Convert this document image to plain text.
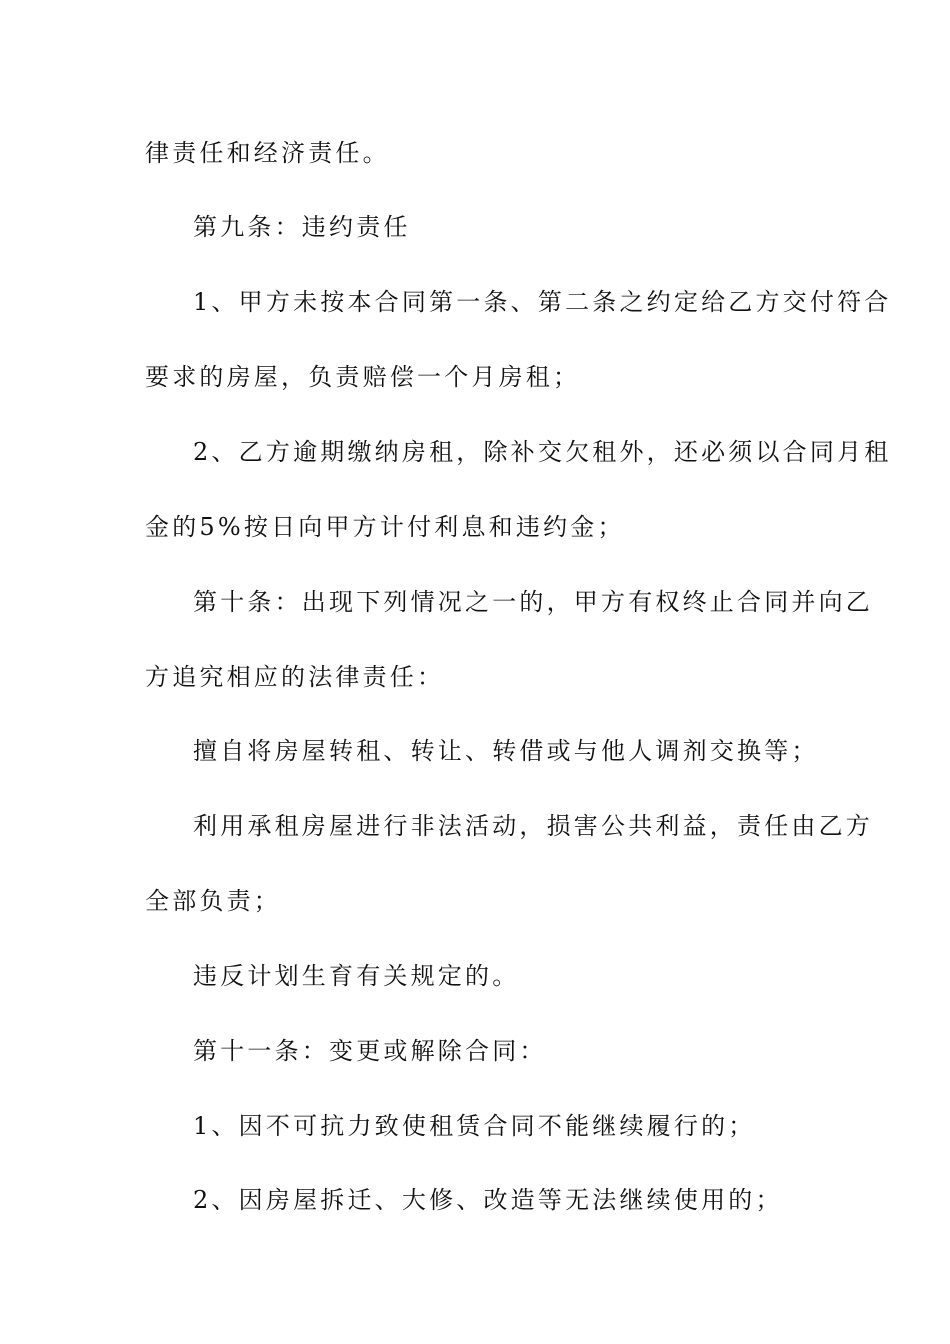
律责任和经济责任。
第九条：违约责任
1、甲方未按本合同第一条、第二条之约定给乙方交付符合
要求的房屋，负责赔偿一个月房租；
2、乙方逾期缴纳房租，除补交欠租外，还必须以合同月租
金的5%按日向甲方计付利息和违约金；
第十条：出现下列情况之一的，甲方有权终止合同并向乙
方追究相应的法律责任：
擅自将房屋转租、转让、转借或与他人调剂交换等；
利用承租房屋进行非法活动，损害公共利益，责任由乙方
全部负责；
违反计划生育有关规定的。
第十一条：变更或解除合同：
1、因不可抗力致使租赁合同不能继续履行的；
2、因房屋拆迁、大修、改造等无法继续使用的；
